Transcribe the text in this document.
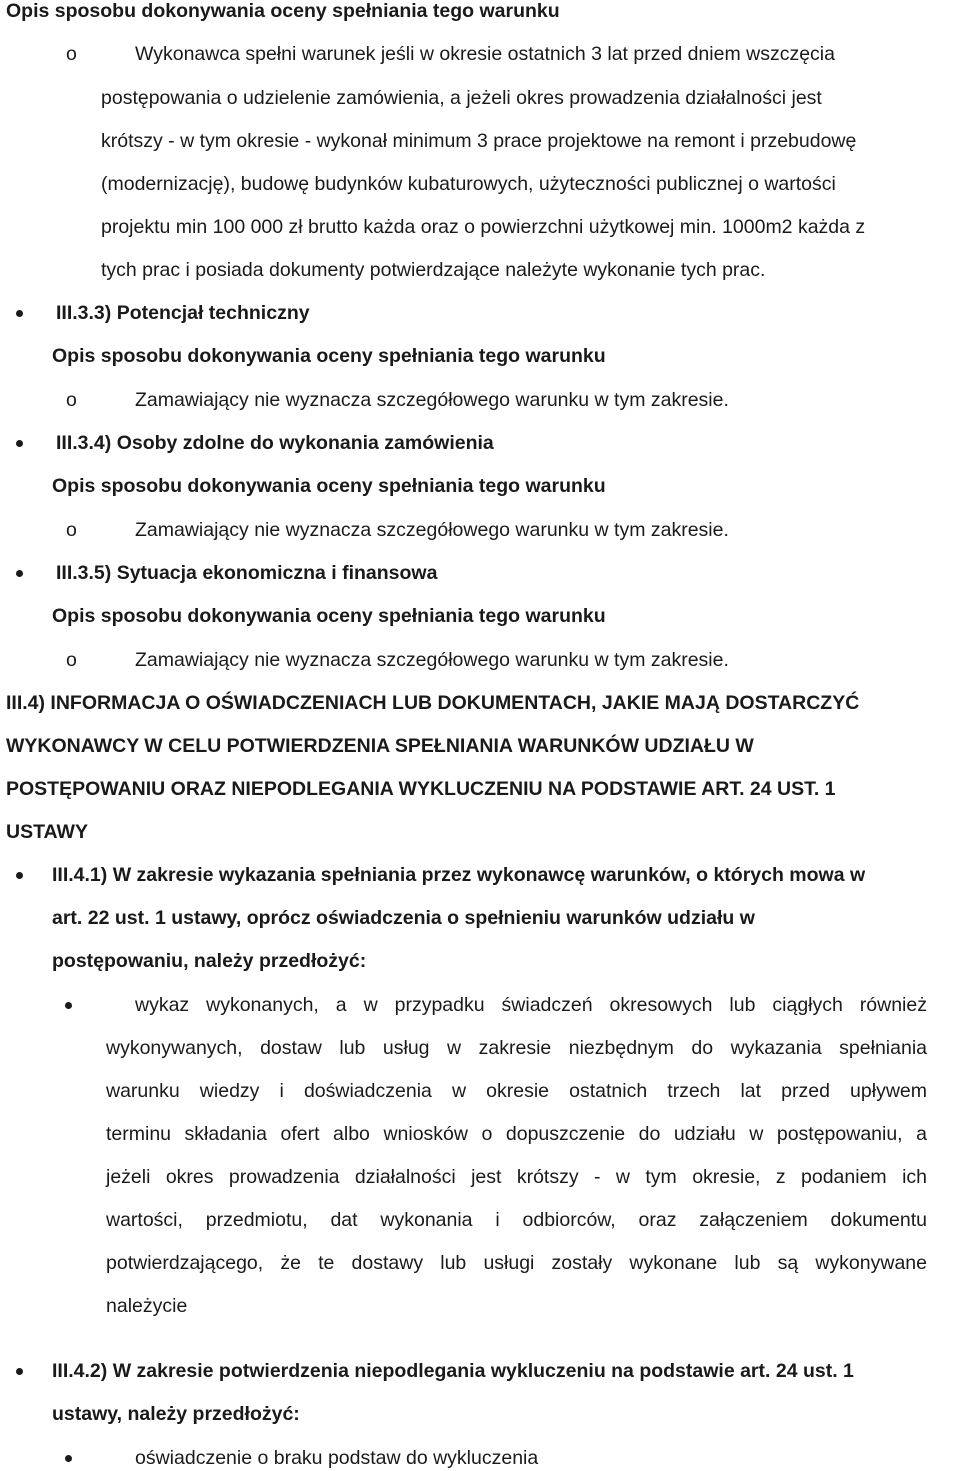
Opis sposobu dokonywania oceny spełniania tego warunku
o	Wykonawca spełni warunek jeśli w okresie ostatnich 3 lat przed dniem wszczęcia
postępowania o udzielenie zamówienia, a jeżeli okres prowadzenia działalności jest
krótszy - w tym okresie - wykonał minimum 3 prace projektowe na remont i przebudowę
(modernizację), budowę budynków kubaturowych, użyteczności publicznej o wartości
projektu min 100 000 zł brutto każda oraz o powierzchni użytkowej min. 1000m2 każda z
tych prac i posiada dokumenty potwierdzające należyte wykonanie tych prac.
III.3.3) Potencjał techniczny
Opis sposobu dokonywania oceny spełniania tego warunku
o	Zamawiający nie wyznacza szczegółowego warunku w tym zakresie.
III.3.4) Osoby zdolne do wykonania zamówienia
Opis sposobu dokonywania oceny spełniania tego warunku
o	Zamawiający nie wyznacza szczegółowego warunku w tym zakresie.
III.3.5) Sytuacja ekonomiczna i finansowa
Opis sposobu dokonywania oceny spełniania tego warunku
o	Zamawiający nie wyznacza szczegółowego warunku w tym zakresie.
III.4) INFORMACJA O OŚWIADCZENIACH LUB DOKUMENTACH, JAKIE MAJĄ DOSTARCZYĆ
WYKONAWCY W CELU POTWIERDZENIA SPEŁNIANIA WARUNKÓW UDZIAŁU W
POSTĘPOWANIU ORAZ NIEPODLEGANIA WYKLUCZENIU NA PODSTAWIE ART. 24 UST. 1
USTAWY
III.4.1) W zakresie wykazania spełniania przez wykonawcę warunków, o których mowa w
art. 22 ust. 1 ustawy, oprócz oświadczenia o spełnieniu warunków udziału w
postępowaniu, należy przedłożyć:
wykaz wykonanych, a w przypadku świadczeń okresowych lub ciągłych również
wykonywanych, dostaw lub usług w zakresie niezbędnym do wykazania spełniania
warunku wiedzy i doświadczenia w okresie ostatnich trzech lat przed upływem
terminu składania ofert albo wniosków o dopuszczenie do udziału w postępowaniu, a
jeżeli okres prowadzenia działalności jest krótszy - w tym okresie, z podaniem ich
wartości, przedmiotu, dat wykonania i odbiorców, oraz załączeniem dokumentu
potwierdzającego, że te dostawy lub usługi zostały wykonane lub są wykonywane
należycie
III.4.2) W zakresie potwierdzenia niepodlegania wykluczeniu na podstawie art. 24 ust. 1
ustawy, należy przedłożyć:
oświadczenie o braku podstaw do wykluczenia
